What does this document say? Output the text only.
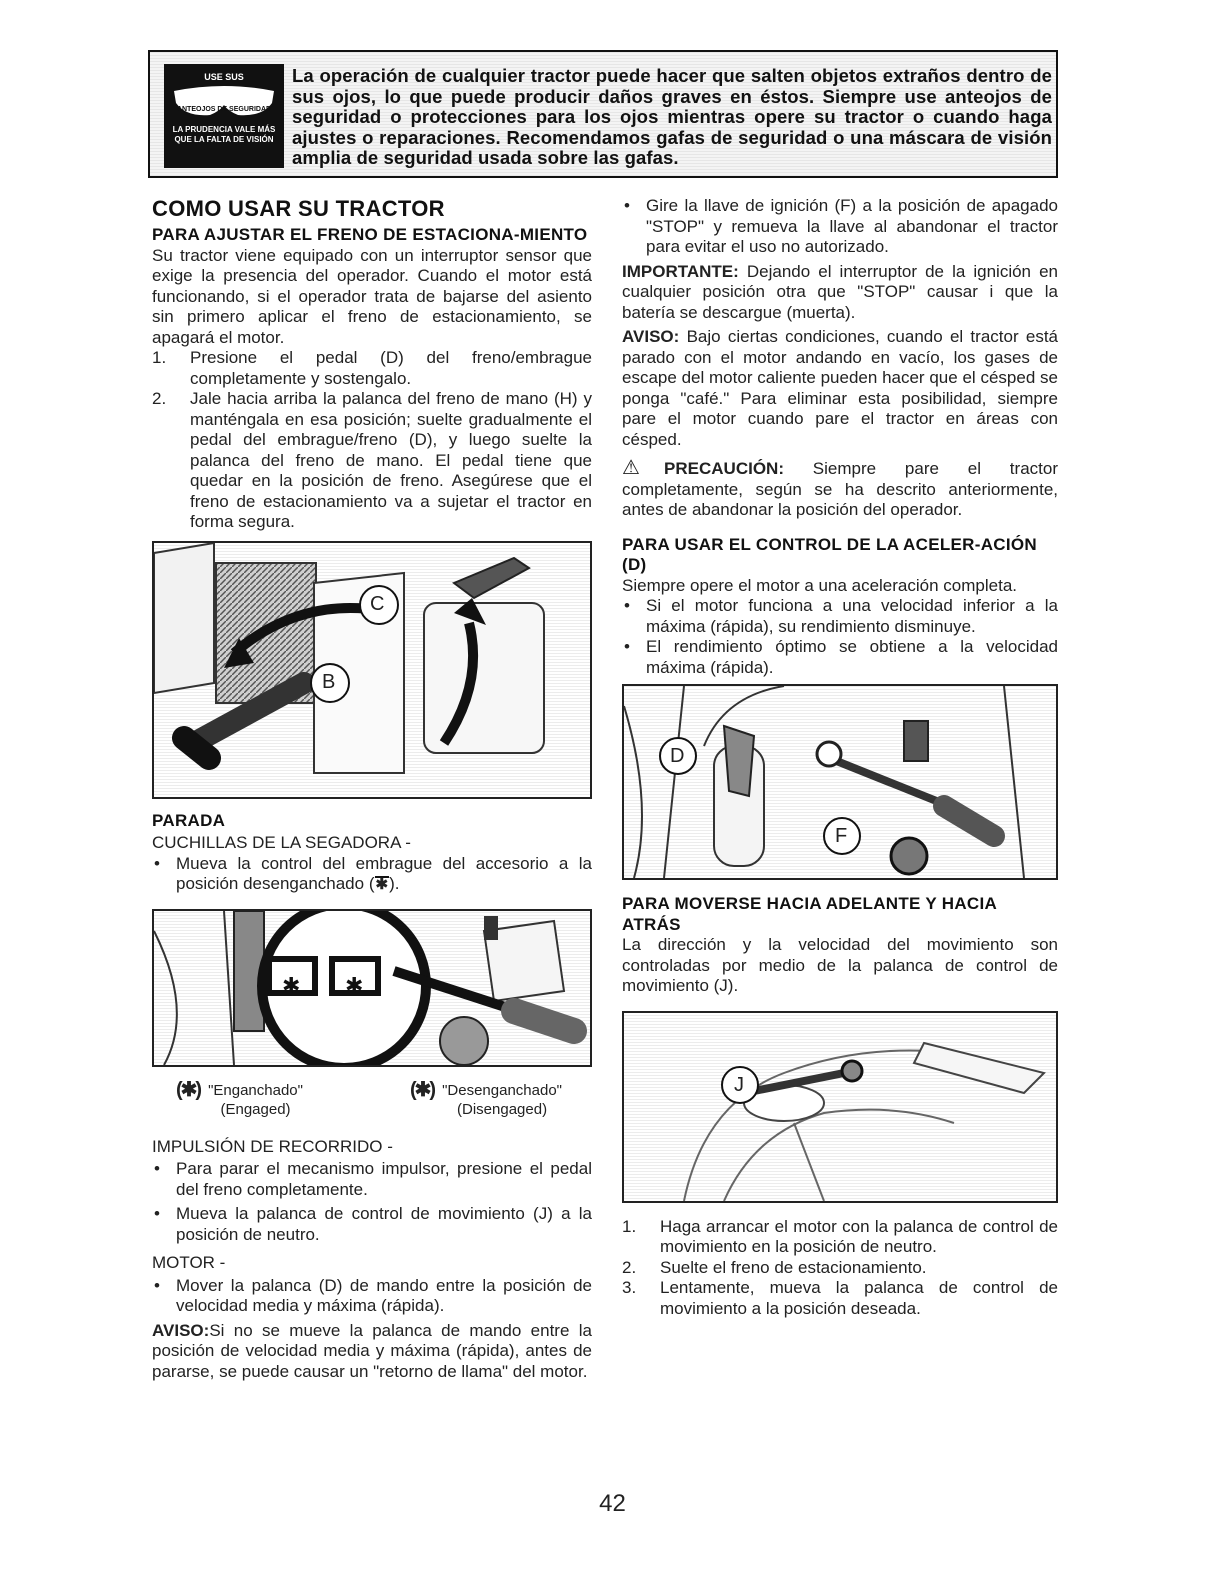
USE SUS
ANTEOJOS DE SEGURIDAD
LA PRUDENCIA VALE MÁS QUE LA FALTA DE VISIÓN
La operación de cualquier tractor puede hacer que salten objetos extraños dentro de sus ojos, lo que puede producir daños graves en éstos. Siempre use anteojos de seguridad o protecciones para los ojos mientras opere su tractor o cuando haga ajustes o reparaciones. Recomendamos gafas de seguridad o una máscara de visión amplia de seguridad usada sobre las gafas.
COMO USAR SU TRACTOR
PARA AJUSTAR EL FRENO DE ESTACIONA-MIENTO

Su tractor viene equipado con un interruptor sensor que exige la presencia del operador. Cuando el motor está funcionando, si el operador trata de bajarse del asiento sin primero aplicar el freno de estacionamiento, se apagará el motor.

1.	Presione el pedal (D) del freno/embrague completamente y sostengalo.
2.	Jale hacia arriba la palanca del freno de mano (H) y manténgala en esa posición; suelte gradualmente el pedal del embrague/freno (D), y luego suelte la palanca del freno de mano. El pedal tiene que quedar en la posición de freno. Asegúrese que el freno de estacionamiento va a sujetar el tractor en forma segura.
C
B
PARADA
CUCHILLAS DE LA SEGADORA -
• Mueva la control del embrague del accesorio a la posición desenganchado (✱).
✱ ✱
(✱) "Enganchado"
(Engaged)
(✱) "Desenganchado"
(Disengaged)
IMPULSIÓN DE RECORRIDO -
• Para parar el mecanismo impulsor, presione el pedal del freno completamente.
• Mueva la palanca de control de movimiento (J) a la posición de neutro.
MOTOR -
• Mover la palanca (D) de mando entre la posición de velocidad media y máxima (rápida).

AVISO:Si no se mueve la palanca de mando entre la posición de velocidad media y máxima (rápida), antes de pararse, se puede causar un "retorno de llama" del motor.

• Gire la llave de ignición (F) a la posición de apagado "STOP" y remueva la llave al abandonar el tractor para evitar el uso no autorizado.

IMPORTANTE: Dejando el interruptor de la ignición en cualquier posición otra que "STOP" causar i que la batería se descargue (muerta).

AVISO: Bajo ciertas condiciones, cuando el tractor está parado con el motor andando en vacío, los gases de escape del motor caliente pueden hacer que el césped se ponga "café." Para eliminar esta posibilidad, siempre pare el motor cuando pare el tractor en áreas con césped.

⚠PRECAUCIÓN: Siempre pare el tractor completamente, según se ha descrito anteriormente, antes de abandonar la posición del operador.

PARA USAR EL CONTROL DE LA ACELER-ACIÓN (D)

Siempre opere el motor a una aceleración completa.

• Si el motor funciona a una velocidad inferior a la máxima (rápida), su rendimiento disminuye.
• El rendimiento óptimo se obtiene a la velocidad máxima (rápida).
D
F
PARA MOVERSE HACIA ADELANTE Y HACIA ATRÁS

La dirección y la velocidad del movimiento son controladas por medio de la palanca de control de movimiento (J).

J
1.	Haga arrancar el motor con la palanca de control de movimiento en la posición de neutro.
2.	Suelte el freno de estacionamiento.
3.	Lentamente, mueva la palanca de control de movimiento a la posición deseada.
42
